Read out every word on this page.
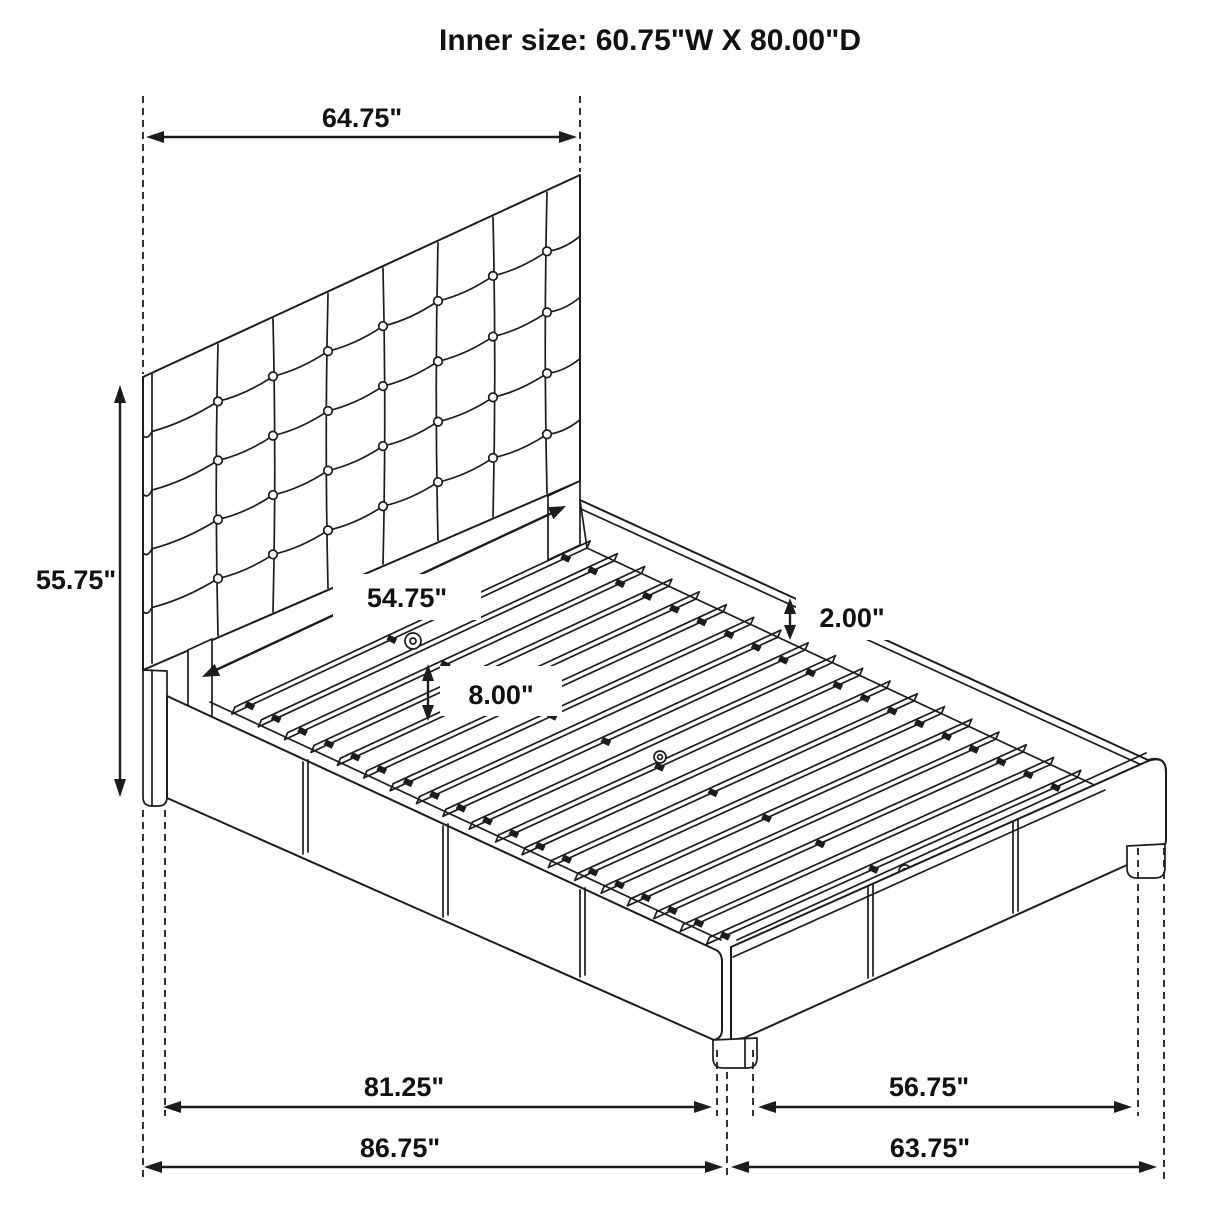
Inner size: 60.75"W X 80.00"D
64.75"
55.75"
54.75"
8.00"
2.00"
81.25"	56.75"
86.75"	63.75"
